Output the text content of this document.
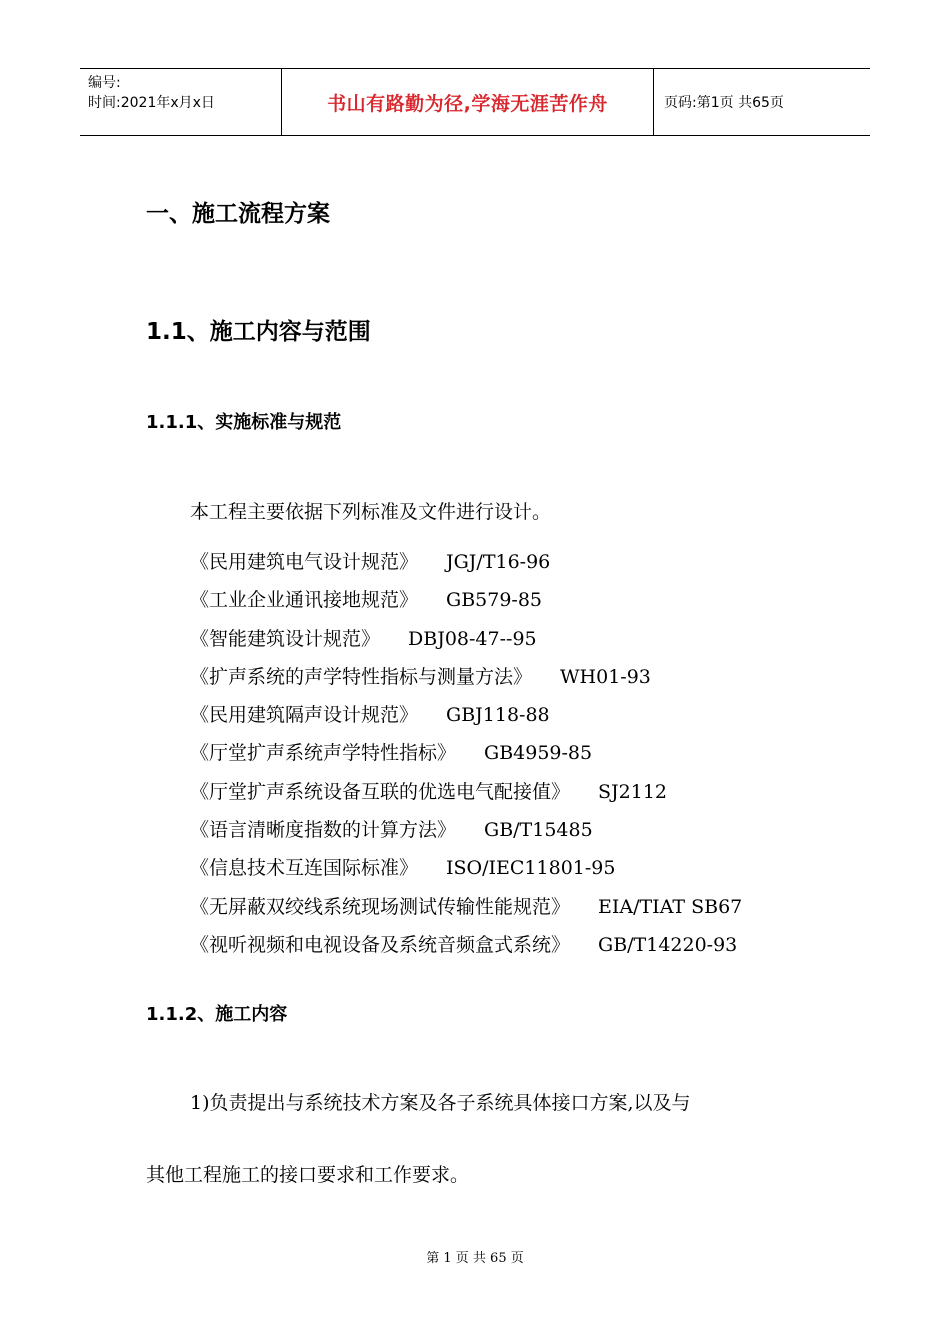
编号:
时间:2021年x月x日	书山有路勤为径,学海无涯苦作舟	页码:第1页 共65页
一、施工流程方案
1.1、施工内容与范围
1.1.1、实施标准与规范

本工程主要依据下列标准及文件进行设计。

《民用建筑电气设计规范》 JGJ/T16-96
《工业企业通讯接地规范》 GB579-85
《智能建筑设计规范》 DBJ08-47--95
《扩声系统的声学特性指标与测量方法》 WH01-93
《民用建筑隔声设计规范》 GBJ118-88
《厅堂扩声系统声学特性指标》 GB4959-85
《厅堂扩声系统设备互联的优选电气配接值》 SJ2112
《语言清晰度指数的计算方法》 GB/T15485
《信息技术互连国际标准》 ISO/IEC11801-95
《无屏蔽双绞线系统现场测试传输性能规范》 EIA/TIAT SB67
《视听视频和电视设备及系统音频盒式系统》 GB/T14220-93
1.1.2、施工内容

1)负责提出与系统技术方案及各子系统具体接口方案,以及与

其他工程施工的接口要求和工作要求。

第 1 页 共 65 页
